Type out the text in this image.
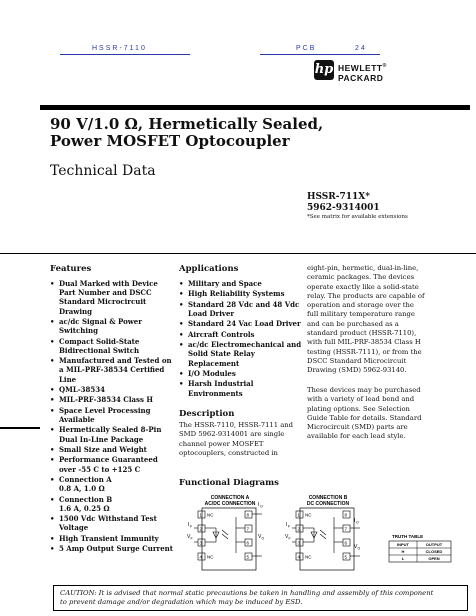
HSSR-7110	PCB	24
hp HEWLETT®
PACKARD
90 V/1.0 Ω, Hermetically Sealed, Power MOSFET Optocoupler
Technical Data
HSSR-711X*
5962-9314001
*See matrix for available extensions
Features
• Dual Marked with Device
Part Number and DSCC
Standard Microcircuit
Drawing
• ac/dc Signal & Power
Switching
• Compact Solid-State
Bidirectional Switch
• Manufactured and Tested on
a MIL-PRF-38534 Certified
Line
• QML-38534
• MIL-PRF-38534 Class H
• Space Level Processing
Available
• Hermetically Sealed 8-Pin
Dual In-Line Package
• Small Size and Weight
• Performance Guaranteed
over -55 C to +125 C
• Connection A
0.8 A, 1.0 Ω
• Connection B
1.6 A, 0.25 Ω
• 1500 Vdc Withstand Test
Voltage
• High Transient Immunity
• 5 Amp Output Surge Current
Applications
• Military and Space
• High Reliability Systems
• Standard 28 Vdc and 48 Vdc
Load Driver
• Standard 24 Vac Load Driver
• Aircraft Controls
• ac/dc Electromechanical and
Solid State Relay
Replacement
• I/O Modules
• Harsh Industrial
Environments
Description
The HSSR-7110, HSSR-7111 and
SMD 5962-9314001 are single
channel power MOSFET
optocouplers, constructed in
eight-pin, hermetic, dual-in-line,
ceramic packages. The devices
operate exactly like a solid-state
relay. The products are capable of
operation and storage over the
full military temperature range
and can be purchased as a
standard product (HSSR-7110),
with full MIL-PRF-38534 Class H
testing (HSSR-7111), or from the
DSCC Standard Microcircuit
Drawing (SMD) 5962-93140.
These devices may be purchased
with a variety of lead bend and
plating options. See Selection
Guide Table for details. Standard
Microcircuit (SMD) parts are
available for each lead style.
Functional Diagrams
CONNECTION A
AC/DC CONNECTION
1
2
3
4	5
6
7
8
NC
NC
I F
V F
I O
V O
CONNECTION B
DC CONNECTION
1
2
3
4	5
6
7
8
NC
NC
I F
V F
I O
V O
TRUTH TABLE
INPUT	OUTPUT
H	CLOSED
L	OPEN
CAUTION: It is advised that normal static precautions be taken in handling and assembly of this component
to prevent damage and/or degradation which may be induced by ESD.
